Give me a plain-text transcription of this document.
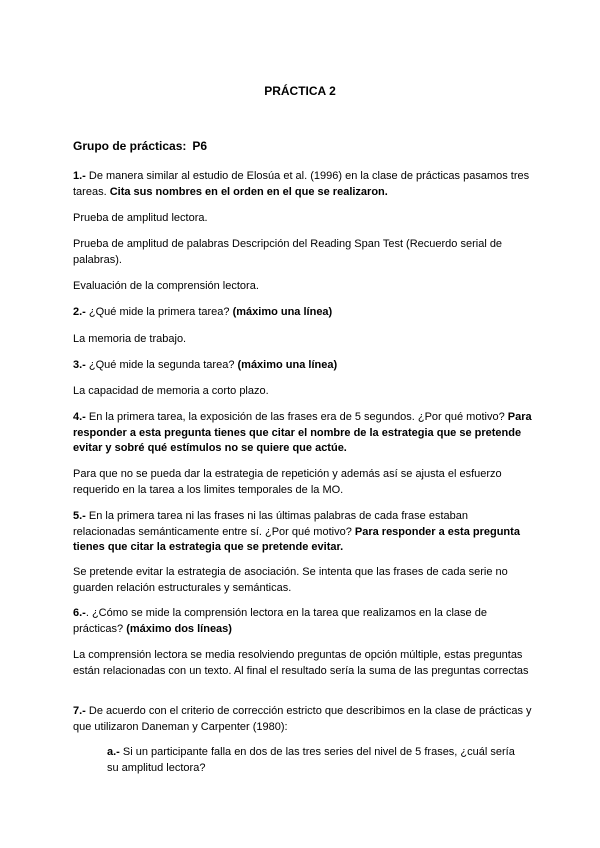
PRÁCTICA 2
Grupo de prácticas: P6
1.- De manera similar al estudio de Elosúa et al. (1996) en la clase de prácticas pasamos tres tareas. Cita sus nombres en el orden en el que se realizaron.
Prueba de amplitud lectora.
Prueba de amplitud de palabras Descripción del Reading Span Test (Recuerdo serial de palabras).
Evaluación de la comprensión lectora.
2.- ¿Qué mide la primera tarea? (máximo una línea)
La memoria de trabajo.
3.- ¿Qué mide la segunda tarea? (máximo una línea)
La capacidad de memoria a corto plazo.
4.- En la primera tarea, la exposición de las frases era de 5 segundos. ¿Por qué motivo? Para responder a esta pregunta tienes que citar el nombre de la estrategia que se pretende evitar y sobré qué estímulos no se quiere que actúe.
Para que no se pueda dar la estrategia de repetición y además así se ajusta el esfuerzo requerido en la tarea a los limites temporales de la MO.
5.- En la primera tarea ni las frases ni las últimas palabras de cada frase estaban relacionadas semánticamente entre sí. ¿Por qué motivo? Para responder a esta pregunta tienes que citar la estrategia que se pretende evitar.
Se pretende evitar la estrategia de asociación. Se intenta que las frases de cada serie no guarden relación estructurales y semánticas.
6.-. ¿Cómo se mide la comprensión lectora en la tarea que realizamos en la clase de prácticas? (máximo dos líneas)
La comprensión lectora se media resolviendo preguntas de opción múltiple, estas preguntas están relacionadas con un texto. Al final el resultado sería la suma de las preguntas correctas
7.- De acuerdo con el criterio de corrección estricto que describimos en la clase de prácticas y que utilizaron Daneman y Carpenter (1980):
a.- Si un participante falla en dos de las tres series del nivel de 5 frases, ¿cuál sería su amplitud lectora?
